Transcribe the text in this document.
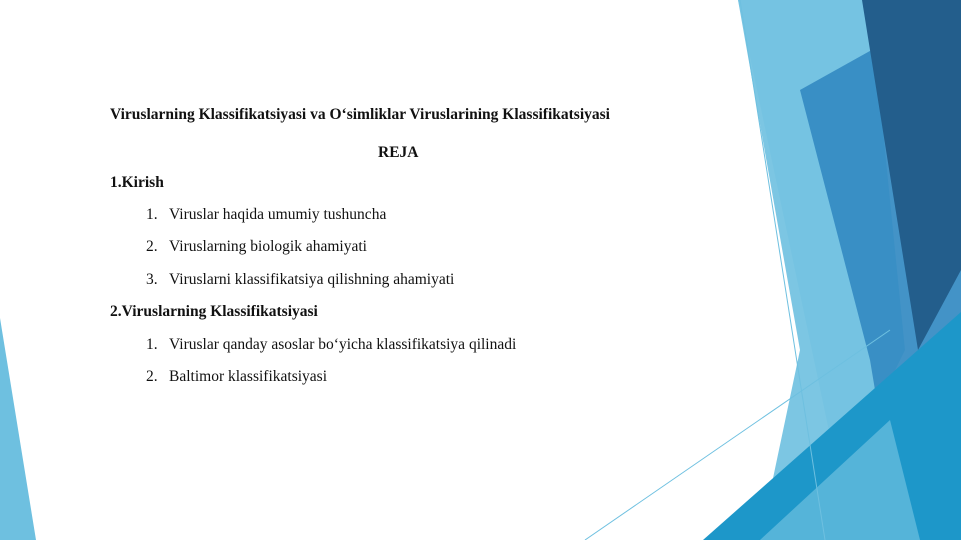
Viruslarning Klassifikatsiyasi va O‘simliklar Viruslarining Klassifikatsiyasi
REJA
1.Kirish
1. Viruslar haqida umumiy tushuncha
2. Viruslarning biologik ahamiyati
3. Viruslarni klassifikatsiya qilishning ahamiyati
2.Viruslarning Klassifikatsiyasi
1. Viruslar qanday asoslar bo‘yicha klassifikatsiya qilinadi
2. Baltimor klassifikatsiyasi
